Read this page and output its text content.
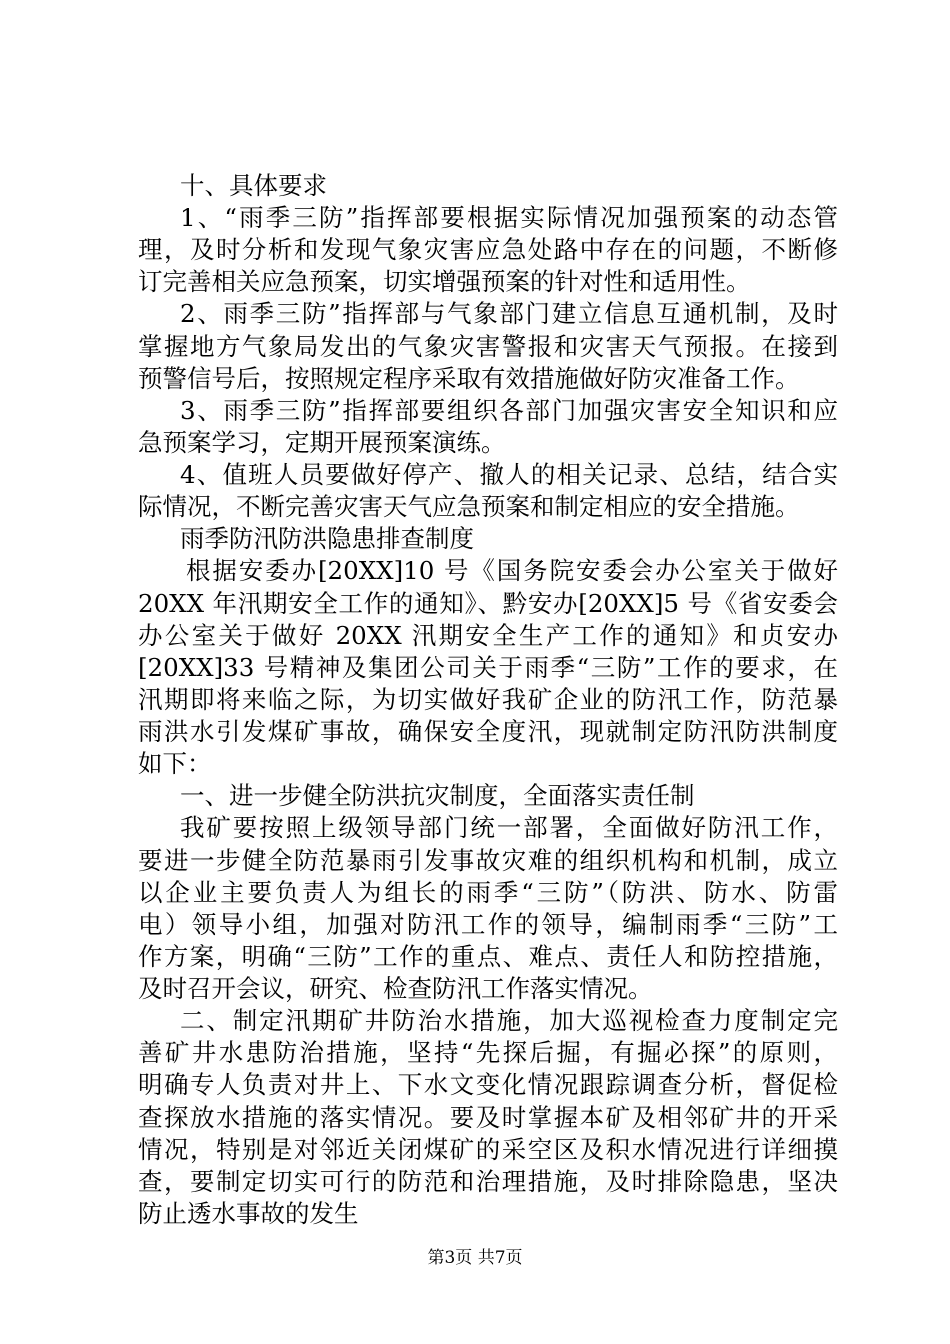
十、具体要求
1、“雨季三防”指挥部要根据实际情况加强预案的动态管
理，及时分析和发现气象灾害应急处路中存在的问题，不断修
订完善相关应急预案，切实增强预案的针对性和适用性。
2、雨季三防”指挥部与气象部门建立信息互通机制，及时
掌握地方气象局发出的气象灾害警报和灾害天气预报。在接到
预警信号后，按照规定程序采取有效措施做好防灾准备工作。
3、雨季三防”指挥部要组织各部门加强灾害安全知识和应
急预案学习，定期开展预案演练。
4、值班人员要做好停产、撤人的相关记录、总结，结合实
际情况，不断完善灾害天气应急预案和制定相应的安全措施。
雨季防汛防洪隐患排查制度
根据安委办[20XX]10 号《国务院安委会办公室关于做好
20XX 年汛期安全工作的通知》、黔安办[20XX]5 号《省安委会
办公室关于做好 20XX 汛期安全生产工作的通知》和贞安办
[20XX]33 号精神及集团公司关于雨季“三防”工作的要求，在
汛期即将来临之际，为切实做好我矿企业的防汛工作，防范暴
雨洪水引发煤矿事故，确保安全度汛，现就制定防汛防洪制度
如下：
一、进一步健全防洪抗灾制度，全面落实责任制
我矿要按照上级领导部门统一部署，全面做好防汛工作，
要进一步健全防范暴雨引发事故灾难的组织机构和机制，成立
以企业主要负责人为组长的雨季“三防”（防洪、防水、防雷
电）领导小组，加强对防汛工作的领导，编制雨季“三防”工
作方案，明确“三防”工作的重点、难点、责任人和防控措施，
及时召开会议，研究、检查防汛工作落实情况。
二、制定汛期矿井防治水措施，加大巡视检查力度制定完
善矿井水患防治措施，坚持“先探后掘，有掘必探”的原则，
明确专人负责对井上、下水文变化情况跟踪调查分析，督促检
查探放水措施的落实情况。要及时掌握本矿及相邻矿井的开采
情况，特别是对邻近关闭煤矿的采空区及积水情况进行详细摸
查，要制定切实可行的防范和治理措施，及时排除隐患，坚决
防止透水事故的发生
第3页 共7页
